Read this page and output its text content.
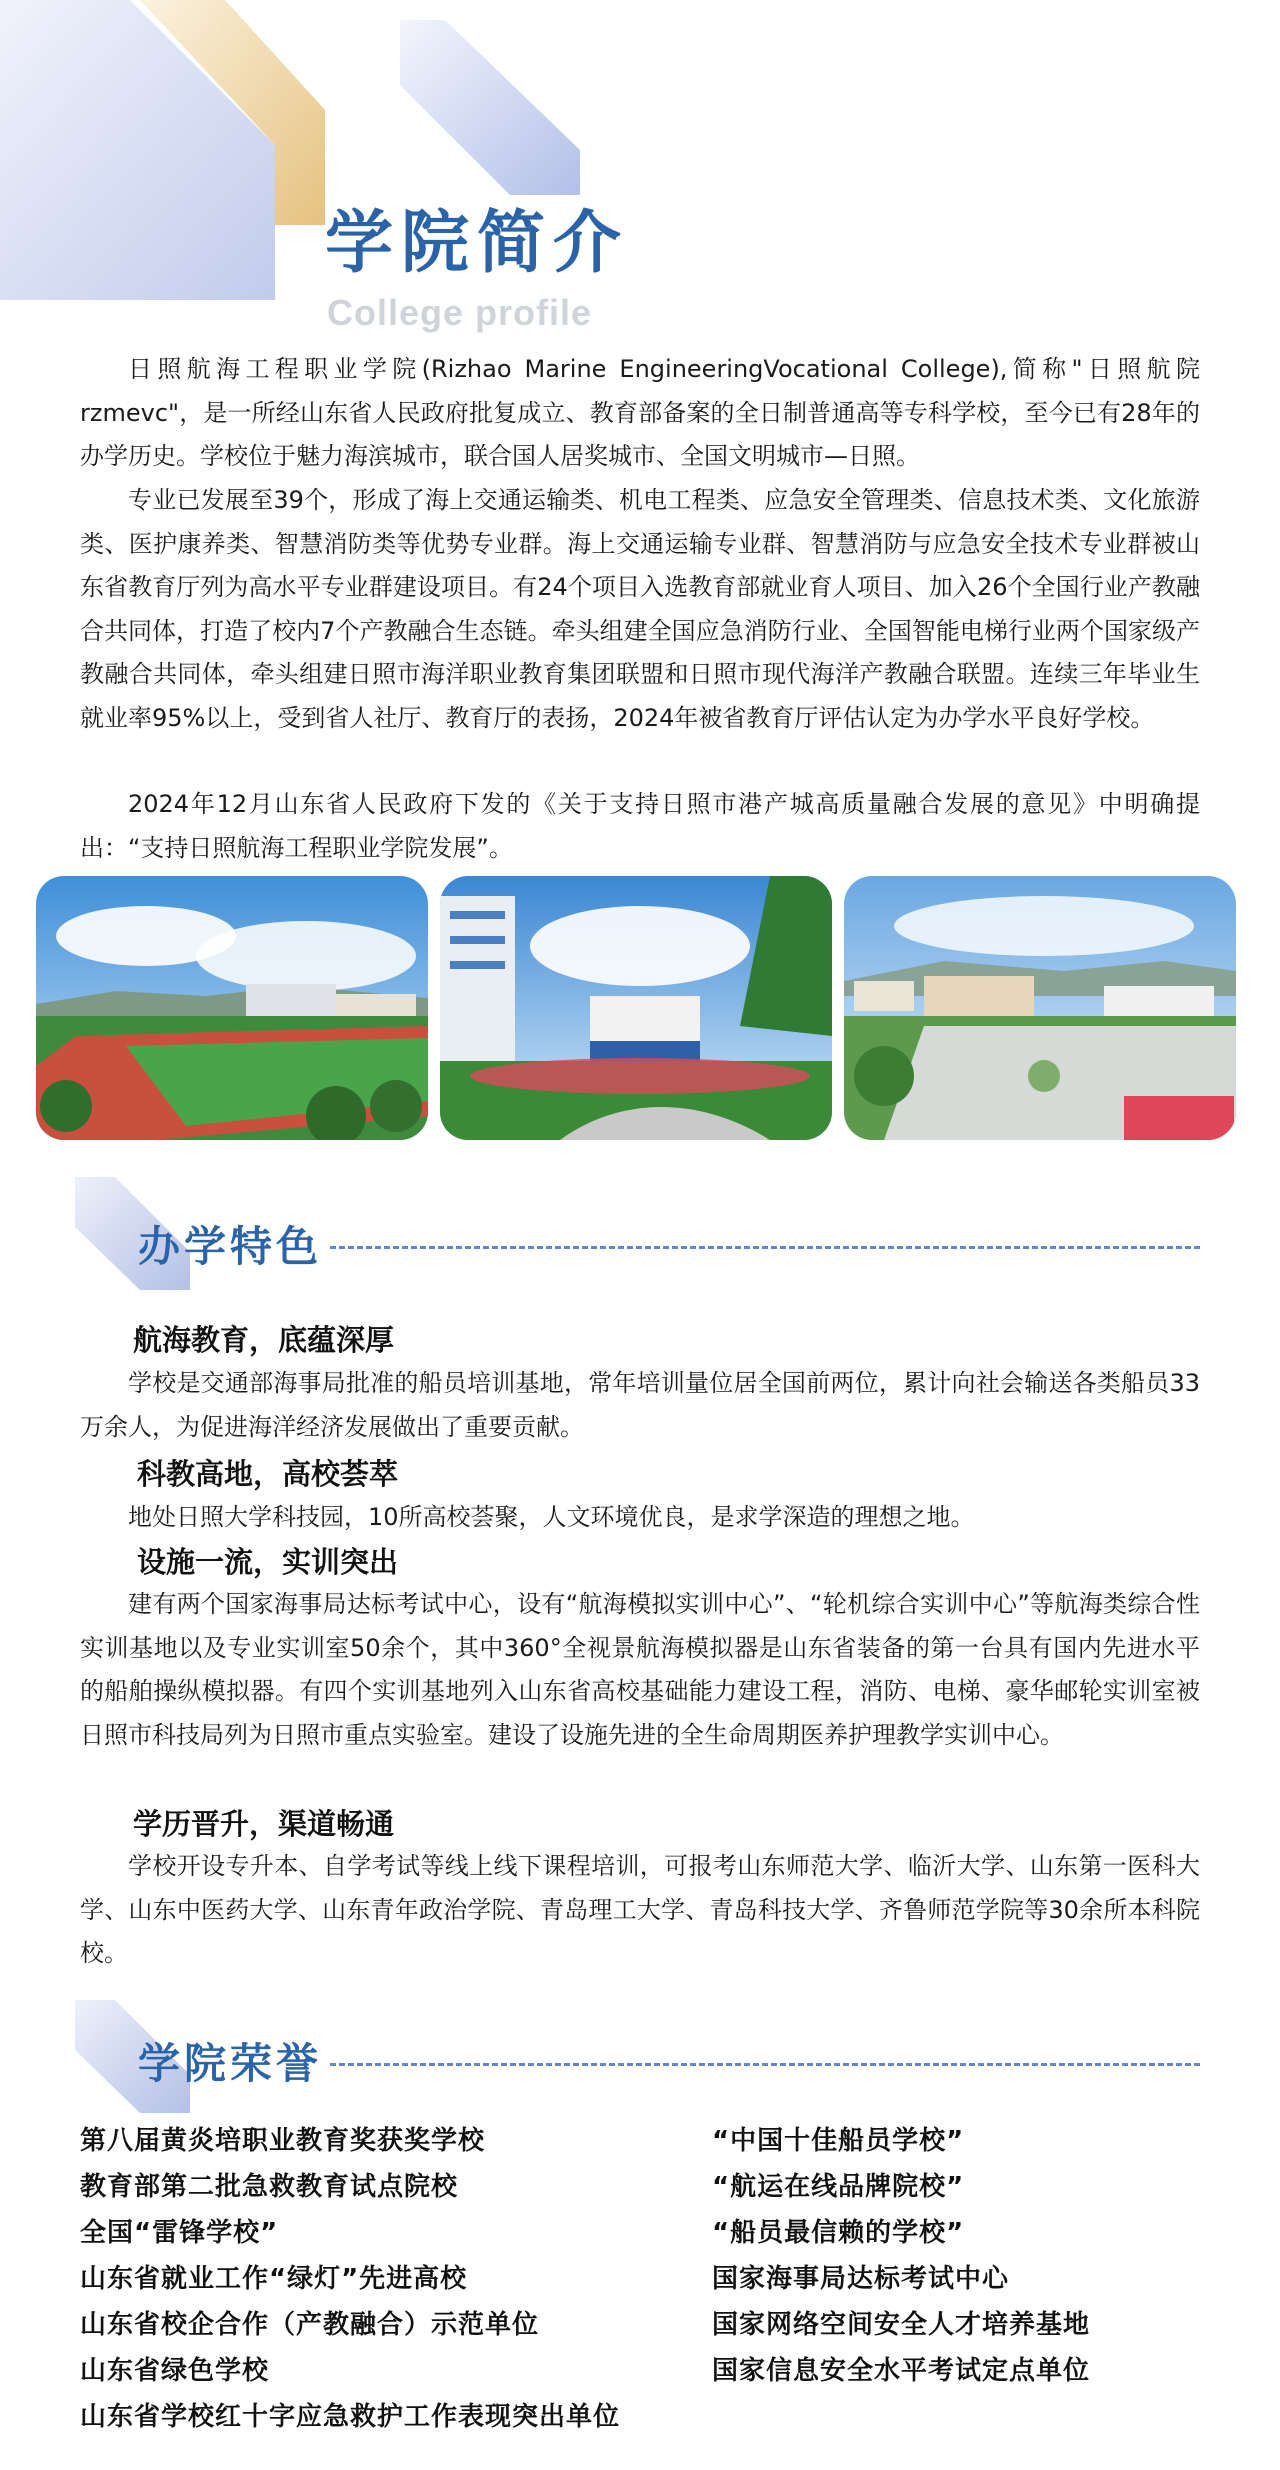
学院简介
College profile

日照航海工程职业学院(Rizhao Marine EngineeringVocational College),简称"日照航院rzmevc"，是一所经山东省人民政府批复成立、教育部备案的全日制普通高等专科学校，至今已有28年的办学历史。学校位于魅力海滨城市，联合国人居奖城市、全国文明城市—日照。

专业已发展至39个，形成了海上交通运输类、机电工程类、应急安全管理类、信息技术类、文化旅游类、医护康养类、智慧消防类等优势专业群。海上交通运输专业群、智慧消防与应急安全技术专业群被山东省教育厅列为高水平专业群建设项目。有24个项目入选教育部就业育人项目、加入26个全国行业产教融合共同体，打造了校内7个产教融合生态链。牵头组建全国应急消防行业、全国智能电梯行业两个国家级产教融合共同体，牵头组建日照市海洋职业教育集团联盟和日照市现代海洋产教融合联盟。连续三年毕业生就业率95%以上，受到省人社厅、教育厅的表扬，2024年被省教育厅评估认定为办学水平良好学校。

2024年12月山东省人民政府下发的《关于支持日照市港产城高质量融合发展的意见》中明确提出：“支持日照航海工程职业学院发展”。

办学特色
航海教育，底蕴深厚

学校是交通部海事局批准的船员培训基地，常年培训量位居全国前两位，累计向社会输送各类船员33万余人，为促进海洋经济发展做出了重要贡献。

科教高地，高校荟萃

地处日照大学科技园，10所高校荟聚，人文环境优良，是求学深造的理想之地。

设施一流，实训突出

建有两个国家海事局达标考试中心，设有“航海模拟实训中心”、“轮机综合实训中心”等航海类综合性实训基地以及专业实训室50余个，其中360°全视景航海模拟器是山东省装备的第一台具有国内先进水平的船舶操纵模拟器。有四个实训基地列入山东省高校基础能力建设工程，消防、电梯、豪华邮轮实训室被日照市科技局列为日照市重点实验室。建设了设施先进的全生命周期医养护理教学实训中心。

学历晋升，渠道畅通

学校开设专升本、自学考试等线上线下课程培训，可报考山东师范大学、临沂大学、山东第一医科大学、山东中医药大学、山东青年政治学院、青岛理工大学、青岛科技大学、齐鲁师范学院等30余所本科院校。

学院荣誉
第八届黄炎培职业教育奖获奖学校
教育部第二批急救教育试点院校
全国“雷锋学校”
山东省就业工作“绿灯”先进高校
山东省校企合作（产教融合）示范单位
山东省绿色学校
山东省学校红十字应急救护工作表现突出单位
“中国十佳船员学校”
“航运在线品牌院校”
“船员最信赖的学校”
国家海事局达标考试中心
国家网络空间安全人才培养基地
国家信息安全水平考试定点单位
